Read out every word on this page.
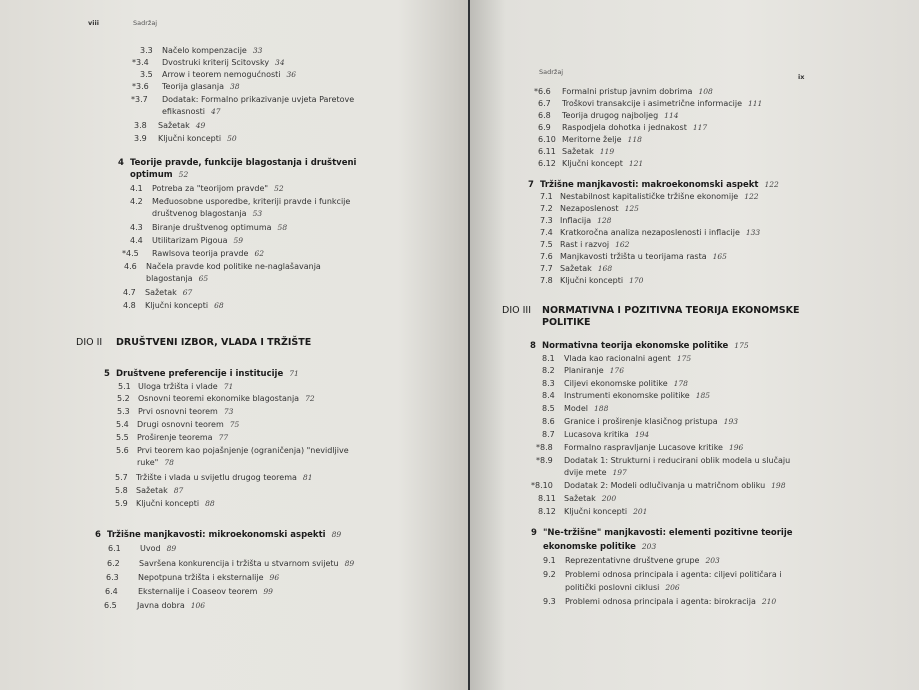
viii	Sadržaj
3.3 Načelo kompenzacije 33
*3.4 Dvostruki kriterij Scitovsky 34
3.5 Arrow i teorem nemogućnosti 36
*3.6 Teorija glasanja 38
*3.7 Dodatak: Formalno prikazivanje uvjeta Paretove
efikasnosti 47
3.8 Sažetak 49
3.9 Ključni koncepti 50
4 Teorije pravde, funkcije blagostanja i društveni
optimum 52
4.1 Potreba za "teorijom pravde" 52
4.2 Međuosobne usporedbe, kriteriji pravde i funkcije
društvenog blagostanja 53
4.3 Biranje društvenog optimuma 58
4.4 Utilitarizam Pigoua 59
*4.5 Rawlsova teorija pravde 62
4.6 Načela pravde kod politike ne-naglašavanja
blagostanja 65
4.7 Sažetak 67
4.8 Ključni koncepti 68
DIO II DRUŠTVENI IZBOR, VLADA I TRŽIŠTE
5 Društvene preferencije i institucije 71
5.1 Uloga tržišta i vlade 71
5.2 Osnovni teoremi ekonomike blagostanja 72
5.3 Prvi osnovni teorem 73
5.4 Drugi osnovni teorem 75
5.5 Proširenje teorema 77
5.6 Prvi teorem kao pojašnjenje (ograničenja) "nevidljive
ruke" 78
5.7 Tržište i vlada u svijetlu drugog teorema 81
5.8 Sažetak 87
5.9 Ključni koncepti 88
6 Tržišne manjkavosti: mikroekonomski aspekti 89
6.1 Uvod 89
6.2 Savršena konkurencija i tržišta u stvarnom svijetu 89
6.3 Nepotpuna tržišta i eksternalije 96
6.4	Eksternalije i Coaseov teorem 99
6.5	Javna dobra 106
Sadržaj
ix
*6.6 Formalni pristup javnim dobrima 108
6.7 Troškovi transakcije i asimetrične informacije 111
6.8 Teorija drugog najboljeg 114
6.9 Raspodjela dohotka i jednakost 117
6.10 Meritorne želje 118
6.11 Sažetak 119
6.12 Ključni koncept 121
7 Tržišne manjkavosti: makroekonomski aspekt 122
7.1 Nestabilnost kapitalističke tržišne ekonomije 122
7.2 Nezaposlenost 125
7.3 Inflacija 128
7.4 Kratkoročna analiza nezaposlenosti i inflacije 133
7.5 Rast i razvoj 162
7.6 Manjkavosti tržišta u teorijama rasta 165
7.7 Sažetak 168
7.8 Ključni koncepti 170
DIO III NORMATIVNA I POZITIVNA TEORIJA EKONOMSKE
POLITIKE
8 Normativna teorija ekonomske politike 175
8.1 Vlada kao racionalni agent 175
8.2 Planiranje 176
8.3 Ciljevi ekonomske politike 178
8.4 Instrumenti ekonomske politike 185
8.5 Model 188
8.6 Granice i proširenje klasičnog pristupa 193
8.7 Lucasova kritika 194
*8.8 Formalno raspravljanje Lucasove kritike 196
*8.9 Dodatak 1: Strukturni i reducirani oblik modela u slučaju
dvije mete 197
*8.10 Dodatak 2: Modeli odlučivanja u matričnom obliku 198
8.11 Sažetak 200
8.12 Ključni koncepti 201
9 "Ne-tržišne" manjkavosti: elementi pozitivne teorije
ekonomske politike 203
9.1 Reprezentativne društvene grupe 203
9.2 Problemi odnosa principala i agenta: ciljevi političara i
politički poslovni ciklusi 206
9.3 Problemi odnosa principala i agenta: birokracija 210
